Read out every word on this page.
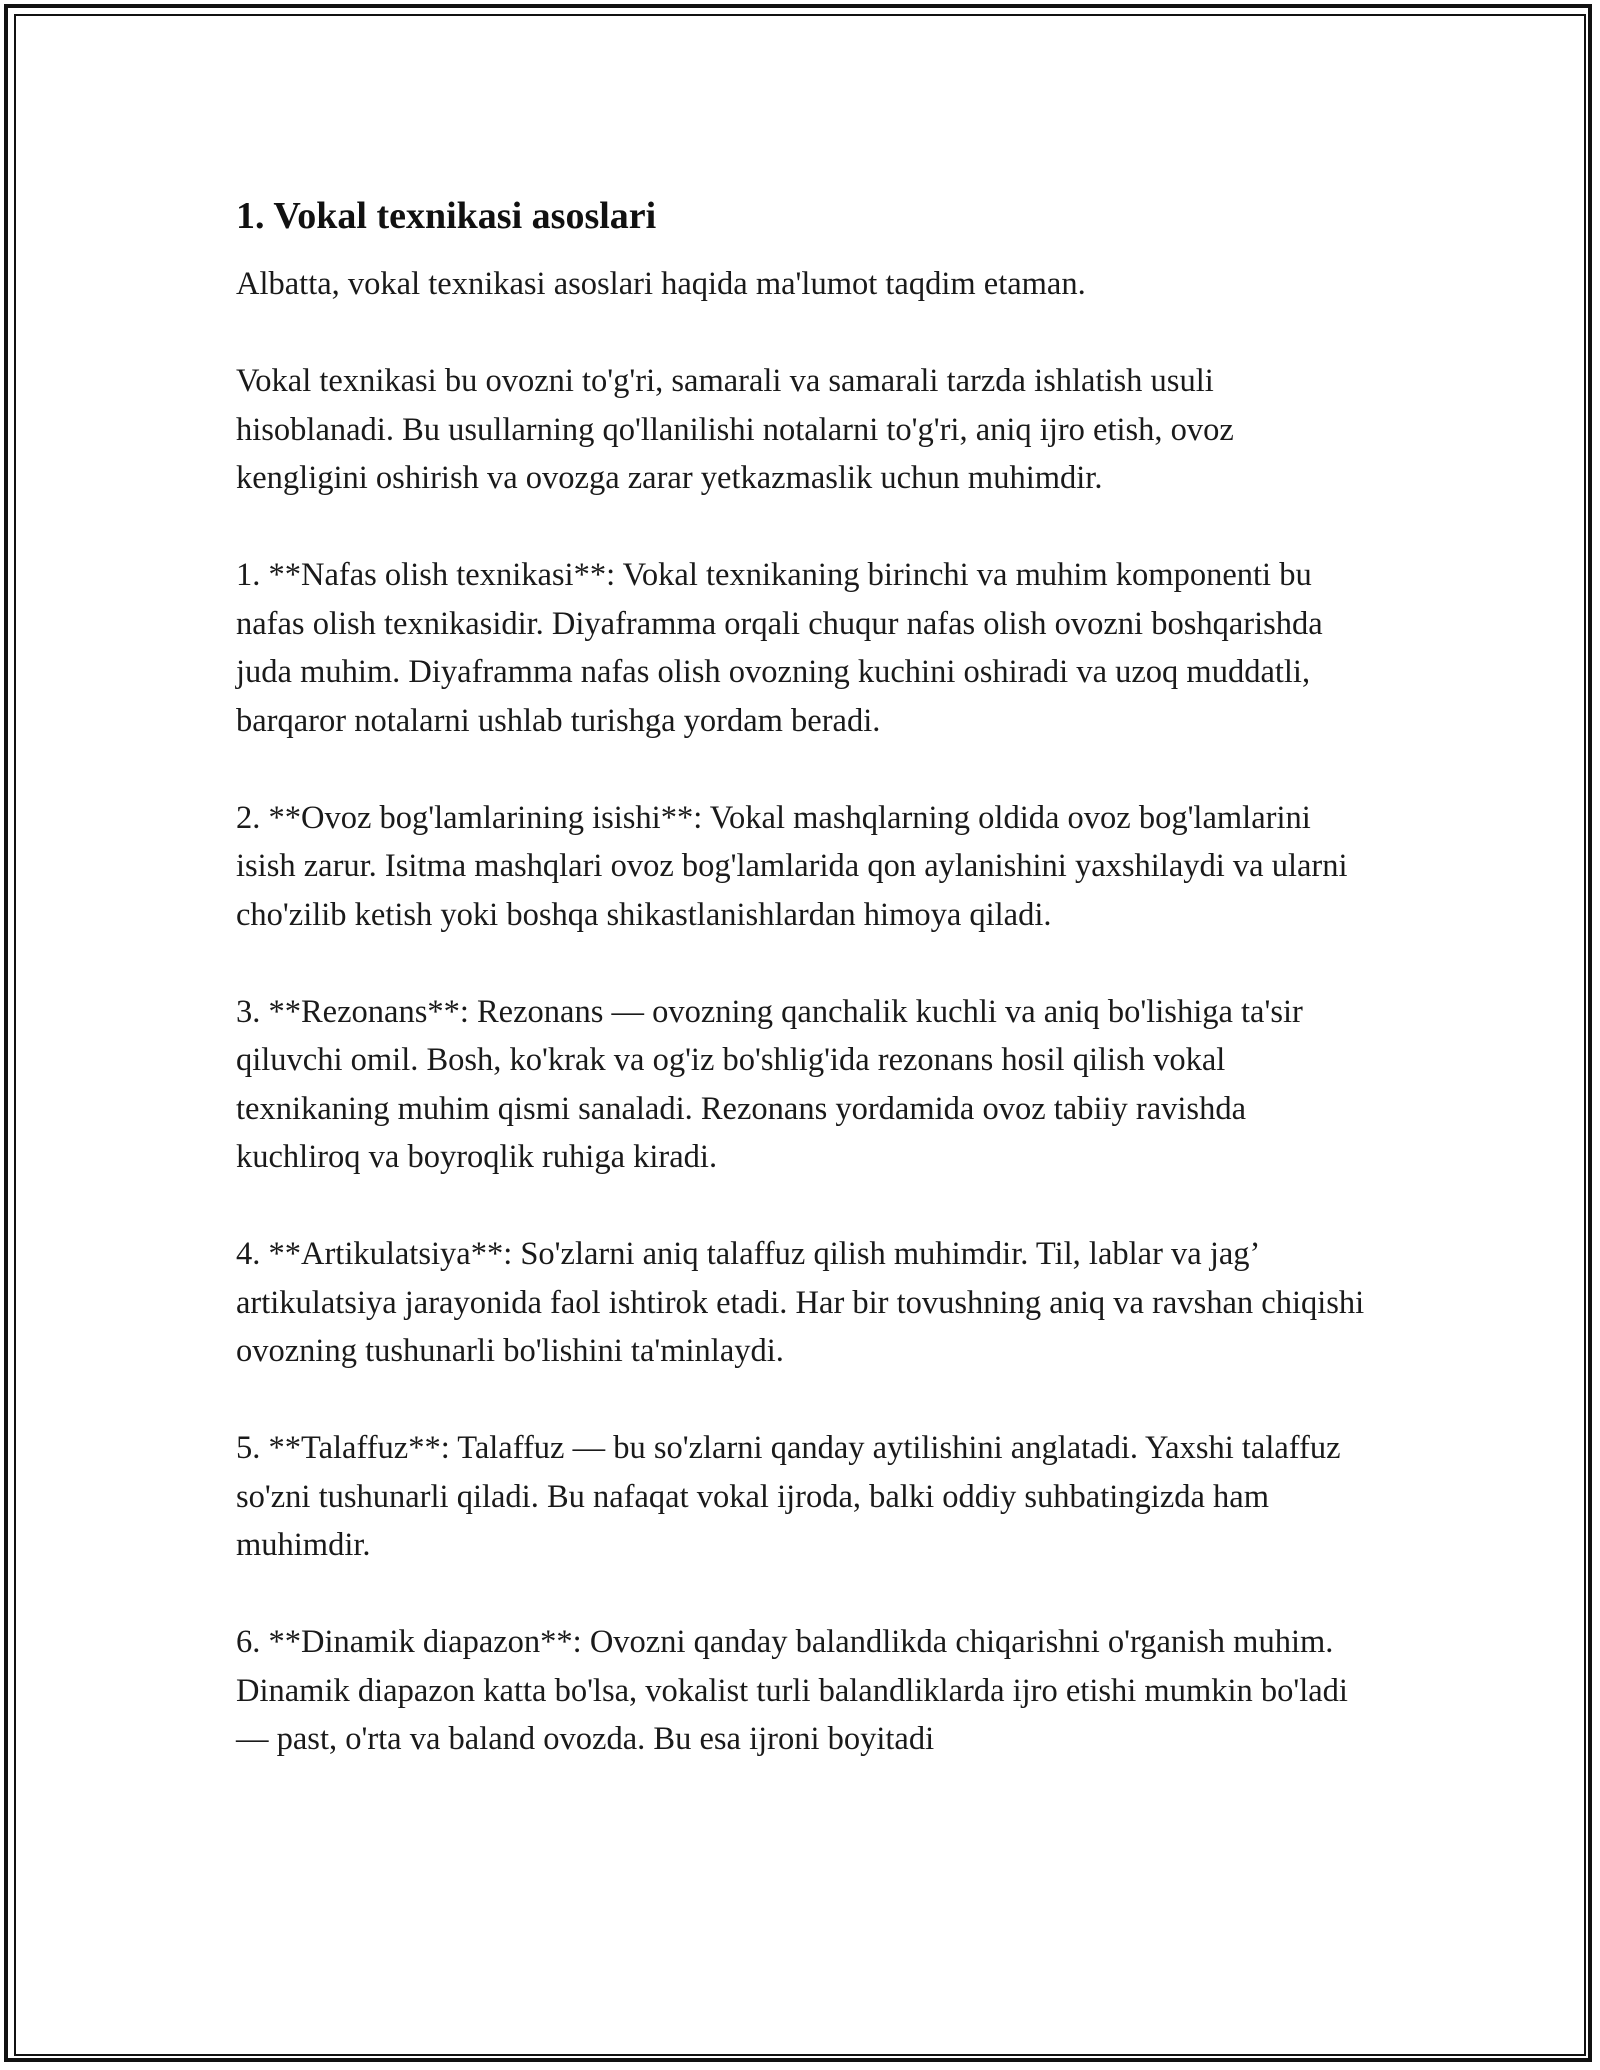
1. Vokal texnikasi asoslari

Albatta, vokal texnikasi asoslari haqida ma'lumot taqdim etaman.

Vokal texnikasi bu ovozni to'g'ri, samarali va samarali tarzda ishlatish usuli hisoblanadi. Bu usullarning qo'llanilishi notalarni to'g'ri, aniq ijro etish, ovoz kengligini oshirish va ovozga zarar yetkazmaslik uchun muhimdir.

1. **Nafas olish texnikasi**: Vokal texnikaning birinchi va muhim komponenti bu nafas olish texnikasidir. Diyaframma orqali chuqur nafas olish ovozni boshqarishda juda muhim. Diyaframma nafas olish ovozning kuchini oshiradi va uzoq muddatli, barqaror notalarni ushlab turishga yordam beradi.

2. **Ovoz bog'lamlarining isishi**: Vokal mashqlarning oldida ovoz bog'lamlarini isish zarur. Isitma mashqlari ovoz bog'lamlarida qon aylanishini yaxshilaydi va ularni cho'zilib ketish yoki boshqa shikastlanishlardan himoya qiladi.

3. **Rezonans**: Rezonans — ovozning qanchalik kuchli va aniq bo'lishiga ta'sir qiluvchi omil. Bosh, ko'krak va og'iz bo'shlig'ida rezonans hosil qilish vokal texnikaning muhim qismi sanaladi. Rezonans yordamida ovoz tabiiy ravishda kuchliroq va boyroqlik ruhiga kiradi.

4. **Artikulatsiya**: So'zlarni aniq talaffuz qilish muhimdir. Til, lablar va jag’ artikulatsiya jarayonida faol ishtirok etadi. Har bir tovushning aniq va ravshan chiqishi ovozning tushunarli bo'lishini ta'minlaydi.

5. **Talaffuz**: Talaffuz — bu so'zlarni qanday aytilishini anglatadi. Yaxshi talaffuz so'zni tushunarli qiladi. Bu nafaqat vokal ijroda, balki oddiy suhbatingizda ham muhimdir.

6. **Dinamik diapazon**: Ovozni qanday balandlikda chiqarishni o'rganish muhim. Dinamik diapazon katta bo'lsa, vokalist turli balandliklarda ijro etishi mumkin bo'ladi — past, o'rta va baland ovozda. Bu esa ijroni boyitadi
